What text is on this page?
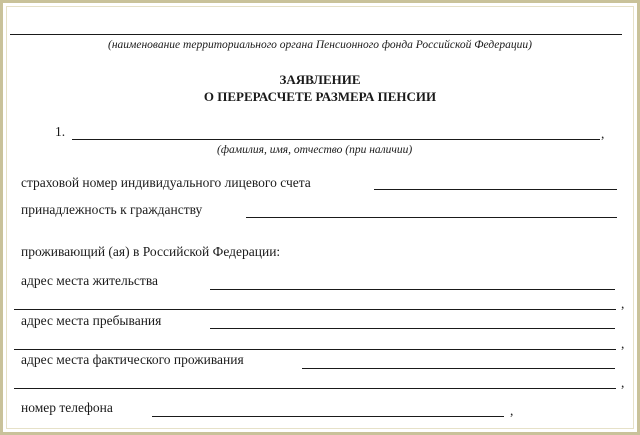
(наименование территориального органа Пенсионного фонда Российской Федерации)
ЗАЯВЛЕНИЕ
О ПЕРЕРАСЧЕТЕ РАЗМЕРА ПЕНСИИ
1.	,
(фамилия, имя, отчество (при наличии)
страховой номер индивидуального лицевого счета
принадлежность к гражданству
проживающий (ая) в Российской Федерации:
адрес места жительства
,
адрес места пребывания
,
адрес места фактического проживания
,
номер телефона	,
